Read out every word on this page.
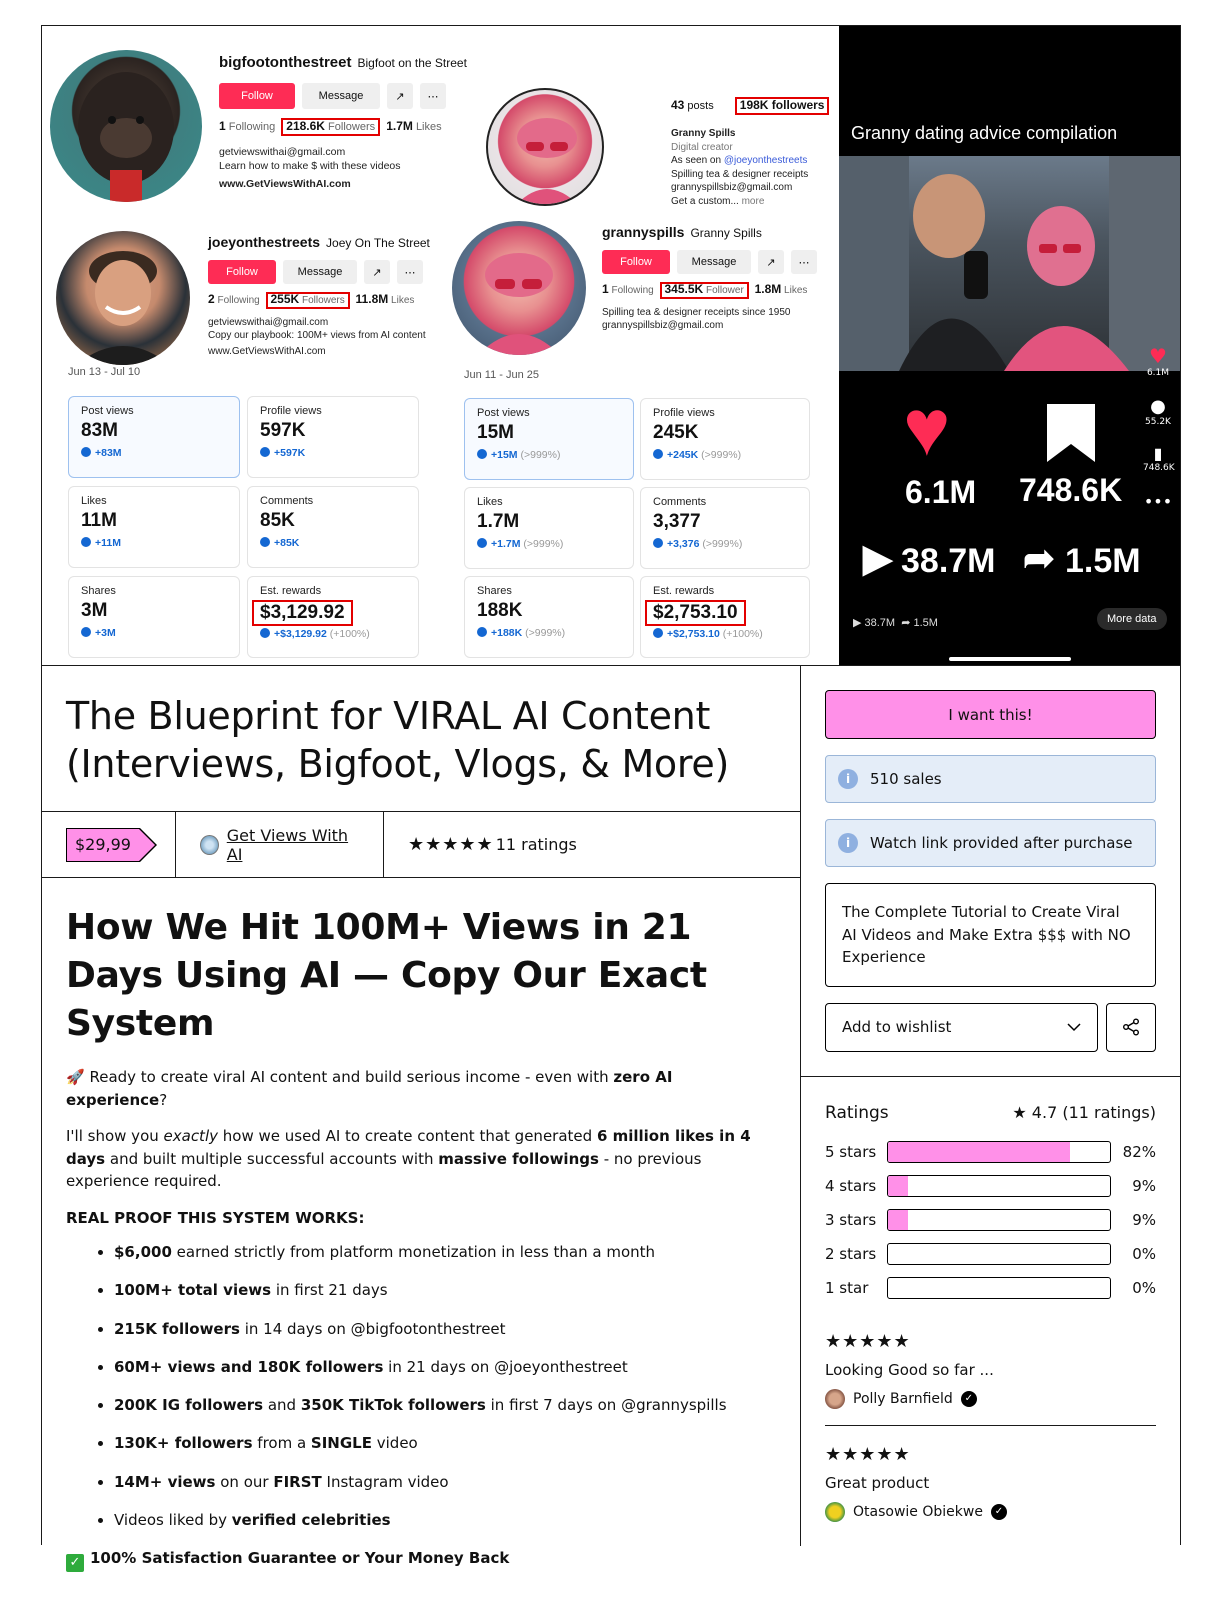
bigfootonthestreet Bigfoot on the Street
Follow	Message	↗	⋯
1 Following 218.6K Followers 1.7M Likes
getviewswithai@gmail.com
Learn how to make $ with these videos
www.GetViewsWithAI.com
43 posts 198K followers
Granny Spills
Digital creator
As seen on @joeyonthestreets
Spilling tea & designer receipts
grannyspillsbiz@gmail.com
Get a custom... more
joeyonthestreets Joey On The Street
Follow	Message	↗	⋯
2 Following 255K Followers 11.8M Likes
getviewswithai@gmail.com
Copy our playbook: 100M+ views from AI content
www.GetViewsWithAI.com
Jun 13 - Jul 10
grannyspills Granny Spills
Follow	Message	↗	⋯
1 Following 345.5K Follower 1.8M Likes
Spilling tea & designer receipts since 1950
grannyspillsbiz@gmail.com
Jun 11 - Jun 25
Post views
83M
+83M
Profile views
597K
+597K
Likes
11M
+11M
Comments
85K
+85K
Shares
3M
+3M
Est. rewards
$3,129.92
+$3,129.92 (+100%)
Post views
15M
+15M (>999%)
Profile views
245K
+245K (>999%)
Likes
1.7M
+1.7M (>999%)
Comments
3,377
+3,376 (>999%)
Shares
188K
+188K (>999%)
Est. rewards
$2,753.10
+$2,753.10 (+100%)
Granny dating advice compilation
♥
6.1M
●
55.2K
▮
748.6K
•••
♥
6.1M 748.6K
▶ 38.7M ➦ 1.5M
▶ 38.7M  ➦ 1.5M	More data
The Blueprint for VIRAL AI Content (Interviews, Bigfoot, Vlogs, & More)
$29,99	Get Views With AI	★★★★★ 11 ratings
How We Hit 100M+ Views in 21 Days Using AI — Copy Our Exact System

🚀 Ready to create viral AI content and build serious income - even with zero AI experience?

I'll show you exactly how we used AI to create content that generated 6 million likes in 4 days and built multiple successful accounts with massive followings - no previous experience required.

REAL PROOF THIS SYSTEM WORKS:

• $6,000 earned strictly from platform monetization in less than a month
• 100M+ total views in first 21 days
• 215K followers in 14 days on @bigfootonthestreet
• 60M+ views and 180K followers in 21 days on @joeyonthestreet
• 200K IG followers and 350K TikTok followers in first 7 days on @grannyspills
• 130K+ followers from a SINGLE video
• 14M+ views on our FIRST Instagram video
• Videos liked by verified celebrities

✓ 100% Satisfaction Guarantee or Your Money Back

I want this!
i	510 sales
i	Watch link provided after purchase
The Complete Tutorial to Create Viral AI Videos and Make Extra $$$ with NO Experience
Add to wishlist
Ratings	★ 4.7 (11 ratings)
5 stars	82%
4 stars	9%
3 stars	9%
2 stars	0%
1 star	0%
★★★★★
Looking Good so far ...
Polly Barnfield	✓
★★★★★
Great product
Otasowie Obiekwe	✓
